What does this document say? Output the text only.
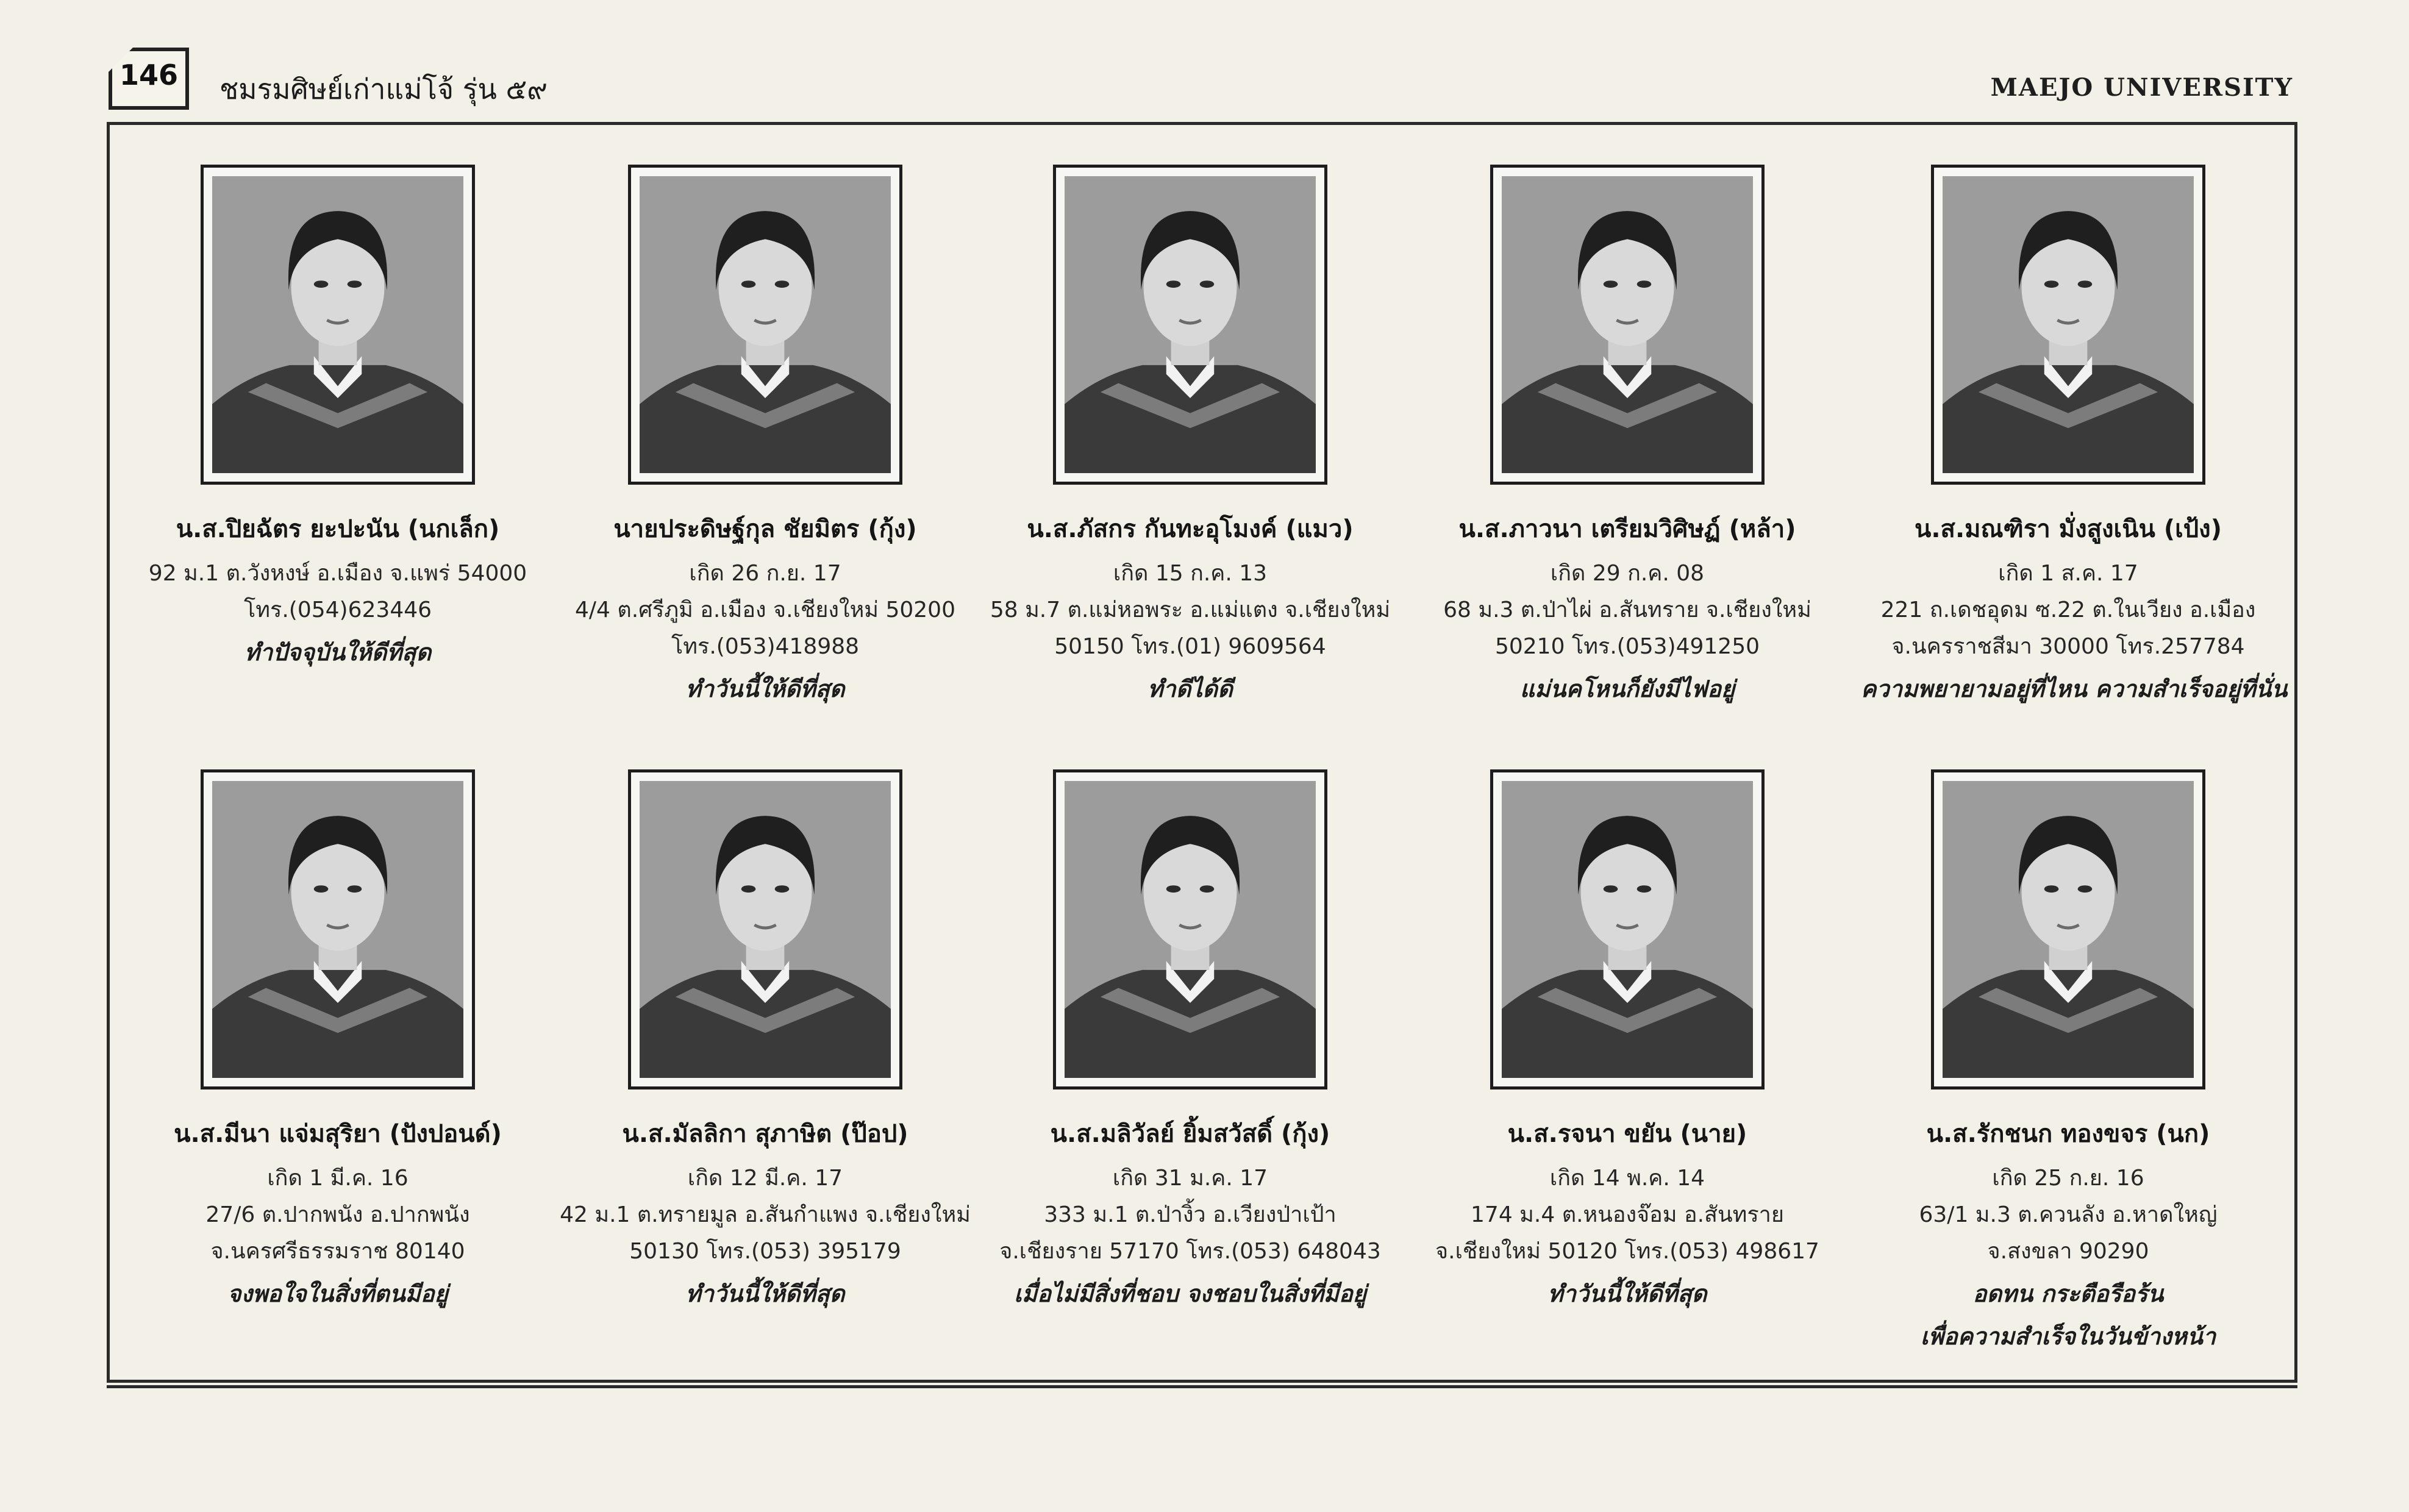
146 ชมรมศิษย์เก่าแม่โจ้ รุ่น ๕๙	MAEJO UNIVERSITY
น.ส.ปิยฉัตร ยะปะนัน (นกเล็ก)
92 ม.1 ต.วังหงษ์ อ.เมือง จ.แพร่ 54000
โทร.(054)623446
ทำปัจจุบันให้ดีที่สุด
นายประดิษฐ์กุล ชัยมิตร (กุ้ง)
เกิด 26 ก.ย. 17
4/4 ต.ศรีภูมิ อ.เมือง จ.เชียงใหม่ 50200
โทร.(053)418988
ทำวันนี้ให้ดีที่สุด
น.ส.ภัสกร กันทะอุโมงค์ (แมว)
เกิด 15 ก.ค. 13
58 ม.7 ต.แม่หอพระ อ.แม่แตง จ.เชียงใหม่
50150 โทร.(01) 9609564
ทำดีได้ดี
น.ส.ภาวนา เตรียมวิศิษฏ์ (หล้า)
เกิด 29 ก.ค. 08
68 ม.3 ต.ป่าไผ่ อ.สันทราย จ.เชียงใหม่
50210 โทร.(053)491250
แม่นคโหนก็ยังมีไฟอยู่
น.ส.มณฑิรา มั่งสูงเนิน (เป้ง)
เกิด 1 ส.ค. 17
221 ถ.เดชอุดม ซ.22 ต.ในเวียง อ.เมือง
จ.นครราชสีมา 30000 โทร.257784
ความพยายามอยู่ที่ไหน ความสำเร็จอยู่ที่นั่น
น.ส.มีนา แจ่มสุริยา (ปังปอนด์)
เกิด 1 มี.ค. 16
27/6 ต.ปากพนัง อ.ปากพนัง
จ.นครศรีธรรมราช 80140
จงพอใจในสิ่งที่ตนมีอยู่
น.ส.มัลลิกา สุภาษิต (ป๊อป)
เกิด 12 มี.ค. 17
42 ม.1 ต.ทรายมูล อ.สันกำแพง จ.เชียงใหม่
50130 โทร.(053) 395179
ทำวันนี้ให้ดีที่สุด
น.ส.มลิวัลย์ ยิ้มสวัสดิ์ (กุ้ง)
เกิด 31 ม.ค. 17
333 ม.1 ต.ป่างิ้ว อ.เวียงป่าเป้า
จ.เชียงราย 57170 โทร.(053) 648043
เมื่อไม่มีสิ่งที่ชอบ จงชอบในสิ่งที่มีอยู่
น.ส.รจนา ขยัน (นาย)
เกิด 14 พ.ค. 14
174 ม.4 ต.หนองจ๊อม อ.สันทราย
จ.เชียงใหม่ 50120 โทร.(053) 498617
ทำวันนี้ให้ดีที่สุด
น.ส.รักชนก ทองขจร (นก)
เกิด 25 ก.ย. 16
63/1 ม.3 ต.ควนลัง อ.หาดใหญ่
จ.สงขลา 90290
อดทน กระตือรือร้น
เพื่อความสำเร็จในวันข้างหน้า
